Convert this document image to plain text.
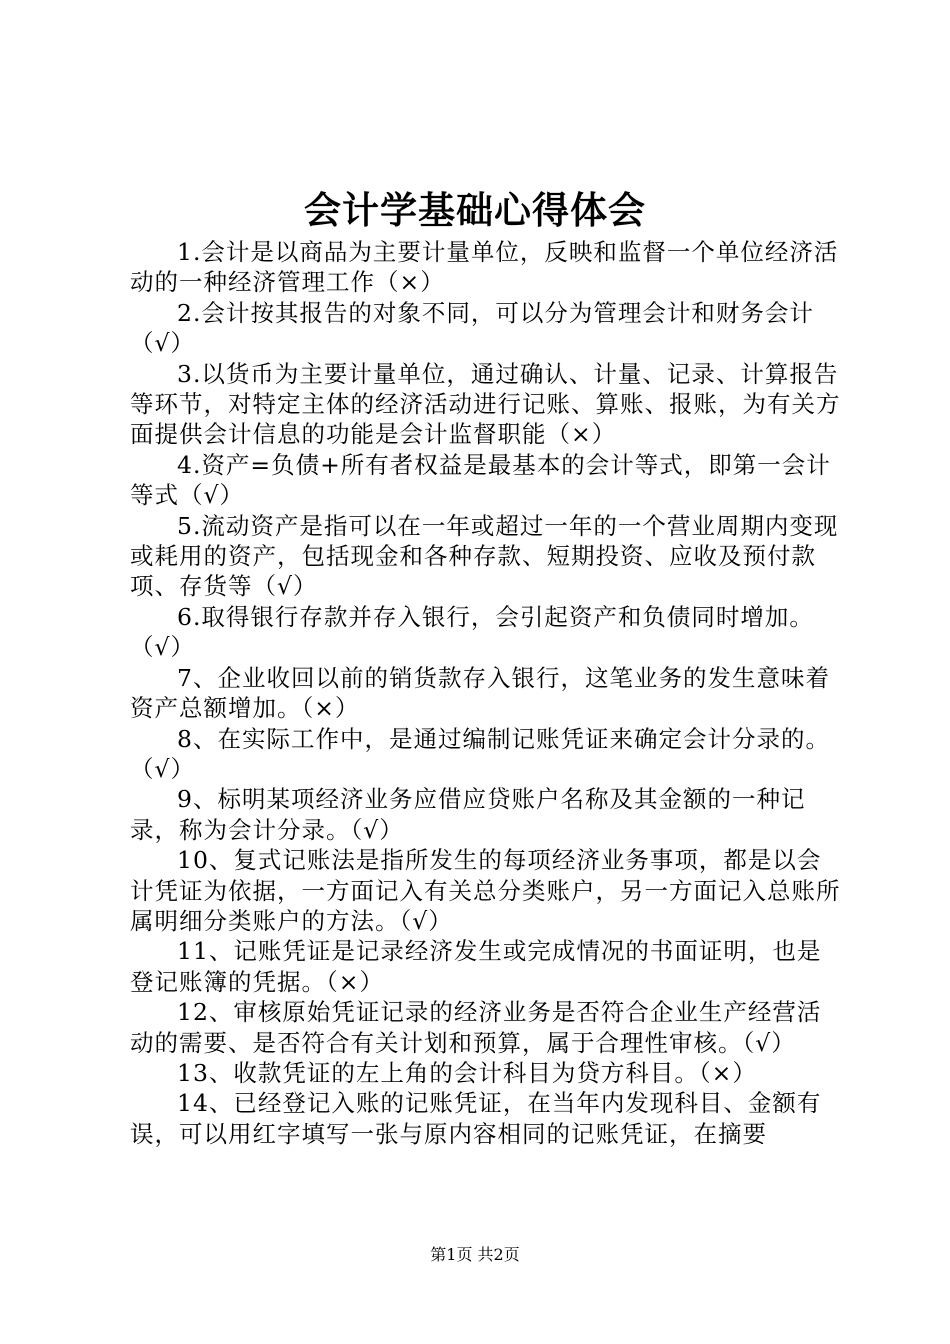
会计学基础心得体会

1.会计是以商品为主要计量单位，反映和监督一个单位经济活动的一种经济管理工作（×）

2.会计按其报告的对象不同，可以分为管理会计和财务会计（√）

3.以货币为主要计量单位，通过确认、计量、记录、计算报告等环节，对特定主体的经济活动进行记账、算账、报账，为有关方面提供会计信息的功能是会计监督职能（×）

4.资产=负债+所有者权益是最基本的会计等式，即第一会计等式（√）

5.流动资产是指可以在一年或超过一年的一个营业周期内变现或耗用的资产，包括现金和各种存款、短期投资、应收及预付款项、存货等（√）

6.取得银行存款并存入银行，会引起资产和负债同时增加。（√）

7、企业收回以前的销货款存入银行，这笔业务的发生意味着资产总额增加。（×）

8、在实际工作中，是通过编制记账凭证来确定会计分录的。（√）

9、标明某项经济业务应借应贷账户名称及其金额的一种记录，称为会计分录。（√）

10、复式记账法是指所发生的每项经济业务事项，都是以会计凭证为依据，一方面记入有关总分类账户，另一方面记入总账所属明细分类账户的方法。（√）

11、记账凭证是记录经济发生或完成情况的书面证明，也是登记账簿的凭据。（×）

12、审核原始凭证记录的经济业务是否符合企业生产经营活动的需要、是否符合有关计划和预算，属于合理性审核。（√）

13、收款凭证的左上角的会计科目为贷方科目。（×）

14、已经登记入账的记账凭证，在当年内发现科目、金额有误，可以用红字填写一张与原内容相同的记账凭证，在摘要

第1页 共2页
